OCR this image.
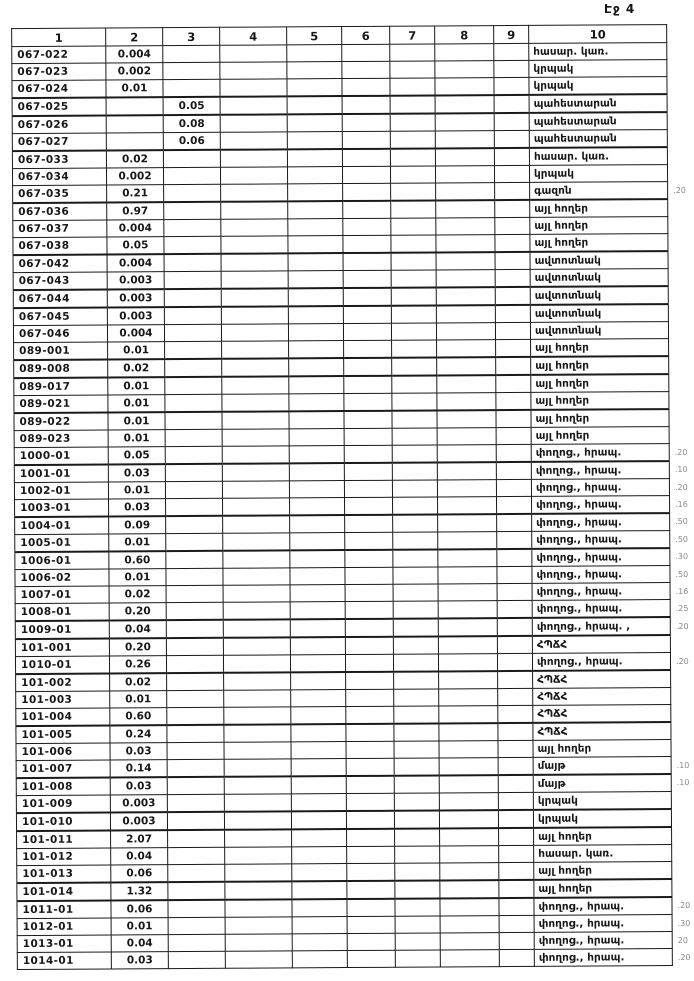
Էջ 4
1	2	3	4	5	6	7	8	9	10	
067-022	0.004								հասար. կառ.	
067-023	0.002								կրպակ	
067-024	0.01								կրպակ	
067-025		0.05							պահեստարան	
067-026		0.08							պահեստարան	
067-027		0.06							պահեստարան	
067-033	0.02								հասար. կառ.	
067-034	0.002								կրպակ	
067-035	0.21								գազոն	.20
067-036	0.97								այլ հողեր	
067-037	0.004								այլ հողեր	
067-038	0.05								այլ հողեր	
067-042	0.004								ավտոտնակ	
067-043	0.003								ավտոտնակ	
067-044	0.003								ավտոտնակ	
067-045	0.003								ավտոտնակ	
067-046	0.004								ավտոտնակ	
089-001	0.01								այլ հողեր	
089-008	0.02								այլ հողեր	
089-017	0.01								այլ հողեր	
089-021	0.01								այլ հողեր	
089-022	0.01								այլ հողեր	
089-023	0.01								այլ հողեր	
1000-01	0.05								փողոց., հրապ.	.20
1001-01	0.03								փողոց., հրապ.	.10
1002-01	0.01								փողոց., հրապ.	.20
1003-01	0.03								փողոց., հրապ.	.16
1004-01	0.09								փողոց., հրապ.	.50
1005-01	0.01								փողոց., հրապ.	.50
1006-01	0.60								փողոց., հրապ.	.30
1006-02	0.01								փողոց., հրապ.	.50
1007-01	0.02								փողոց., հրապ.	.16
1008-01	0.20								փողոց., հրապ.	.25
1009-01	0.04								փողոց., հրապ. ,	.20
101-001	0.20								ՀՊՃՀ	
1010-01	0.26								փողոց., հրապ.	.20
101-002	0.02								ՀՊՃՀ	
101-003	0.01								ՀՊՃՀ	
101-004	0.60								ՀՊՃՀ	
101-005	0.24								ՀՊՃՀ	
101-006	0.03								այլ հողեր	
101-007	0.14								մայթ	.10
101-008	0.03								մայթ	.10
101-009	0.003								կրպակ	
101-010	0.003								կրպակ	
101-011	2.07								այլ հողեր	
101-012	0.04								հասար. կառ.	
101-013	0.06								այլ հողեր	
101-014	1.32								այլ հողեր	
1011-01	0.06								փողոց., հրապ.	.20
1012-01	0.01								փողոց., հրապ.	.30
1013-01	0.04								փողոց., հրապ.	20
1014-01	0.03								փողոց., հրապ.	.20
